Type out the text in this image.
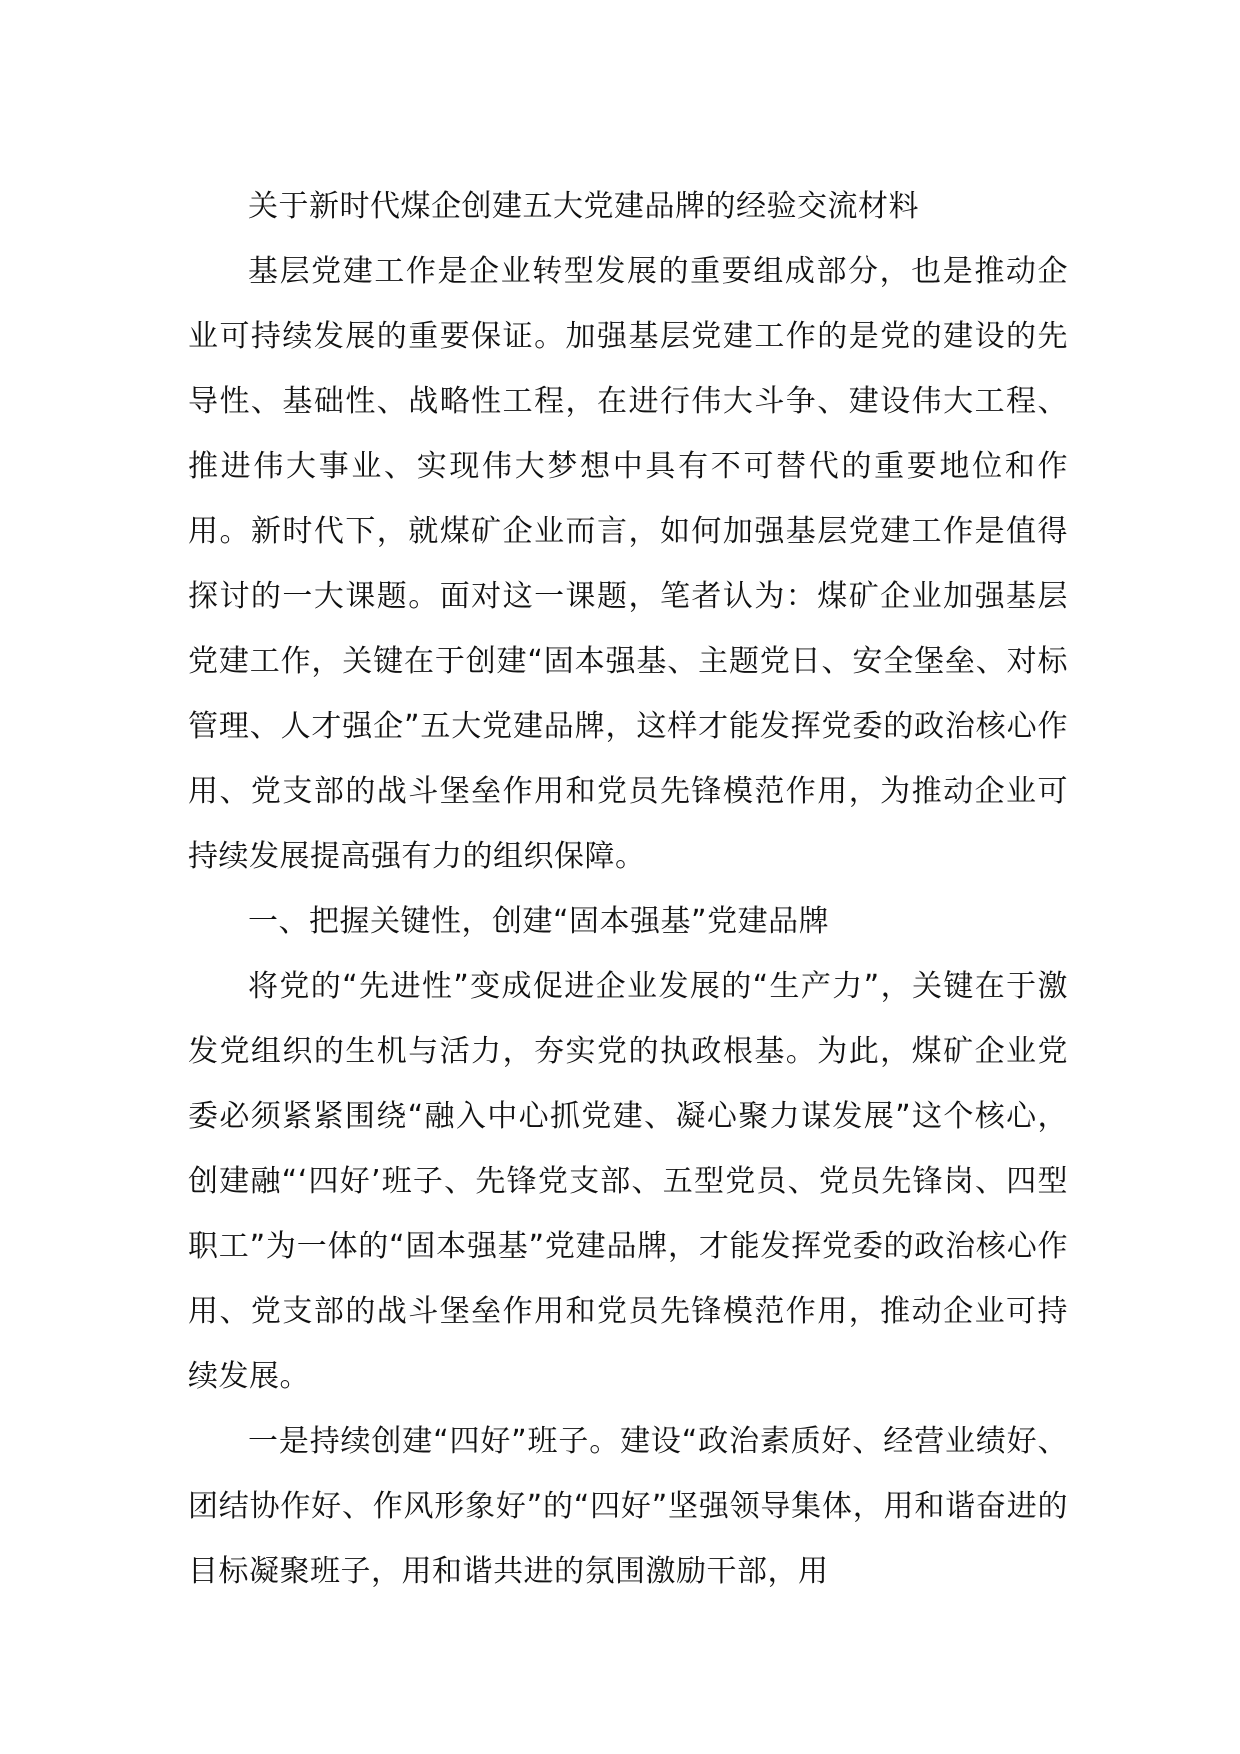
关于新时代煤企创建五大党建品牌的经验交流材料

基层党建工作是企业转型发展的重要组成部分，也是推动企业可持续发展的重要保证。加强基层党建工作的是党的建设的先导性、基础性、战略性工程，在进行伟大斗争、建设伟大工程、推进伟大事业、实现伟大梦想中具有不可替代的重要地位和作用。新时代下，就煤矿企业而言，如何加强基层党建工作是值得探讨的一大课题。面对这一课题，笔者认为：煤矿企业加强基层党建工作，关键在于创建“固本强基、主题党日、安全堡垒、对标管理、人才强企”五大党建品牌，这样才能发挥党委的政治核心作用、党支部的战斗堡垒作用和党员先锋模范作用，为推动企业可持续发展提高强有力的组织保障。

一、把握关键性，创建“固本强基”党建品牌

将党的“先进性”变成促进企业发展的“生产力”，关键在于激发党组织的生机与活力，夯实党的执政根基。为此，煤矿企业党委必须紧紧围绕“融入中心抓党建、凝心聚力谋发展”这个核心，创建融“‘四好’班子、先锋党支部、五型党员、党员先锋岗、四型职工”为一体的“固本强基”党建品牌，才能发挥党委的政治核心作用、党支部的战斗堡垒作用和党员先锋模范作用，推动企业可持续发展。

一是持续创建“四好”班子。建设“政治素质好、经营业绩好、团结协作好、作风形象好”的“四好”坚强领导集体，用和谐奋进的目标凝聚班子，用和谐共进的氛围激励干部，用
